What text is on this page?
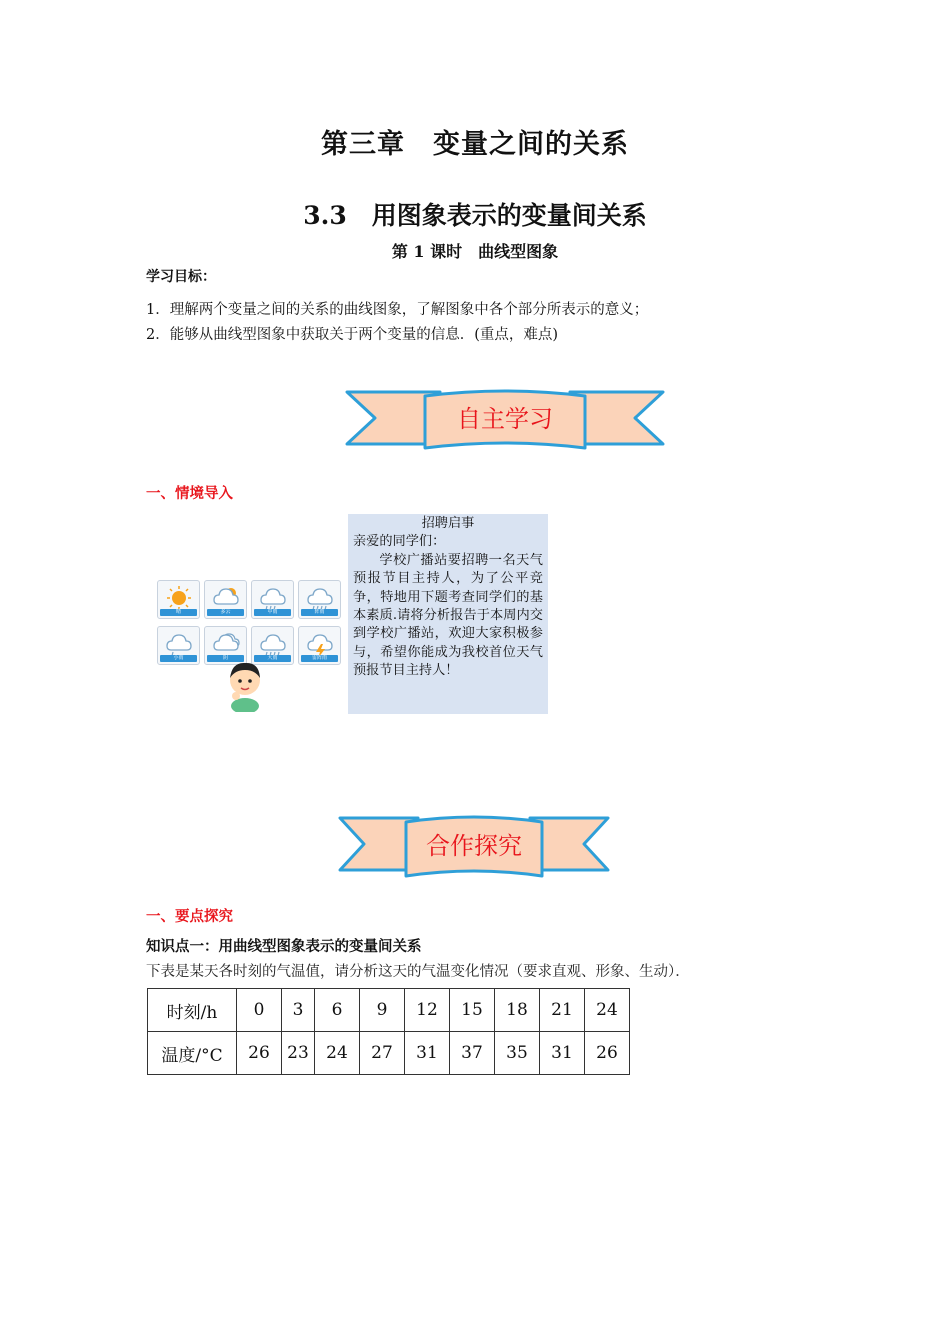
第三章　变量之间的关系
3.3　用图象表示的变量间关系
第 1 课时　曲线型图象
学习目标：
1．理解两个变量之间的关系的曲线图象，了解图象中各个部分所表示的意义；
2．能够从曲线型图象中获取关于两个变量的信息．(重点，难点)
自主学习
一、情境导入
晴	多云	中雨	阵雨
小雨	阴	大雨	雷阵雨
招聘启事
亲爱的同学们：
学校广播站要招聘一名天气预报节目主持人，为了公平竞争，特地用下题考查同学们的基本素质.请将分析报告于本周内交到学校广播站，欢迎大家积极参与，希望你能成为我校首位天气预报节目主持人！
合作探究
一、要点探究
知识点一：用曲线型图象表示的变量间关系
下表是某天各时刻的气温值，请分析这天的气温变化情况（要求直观、形象、生动）．
时刻/h	0	3	6	9	12	15	18	21	24
温度/°C	26	23	24	27	31	37	35	31	26
